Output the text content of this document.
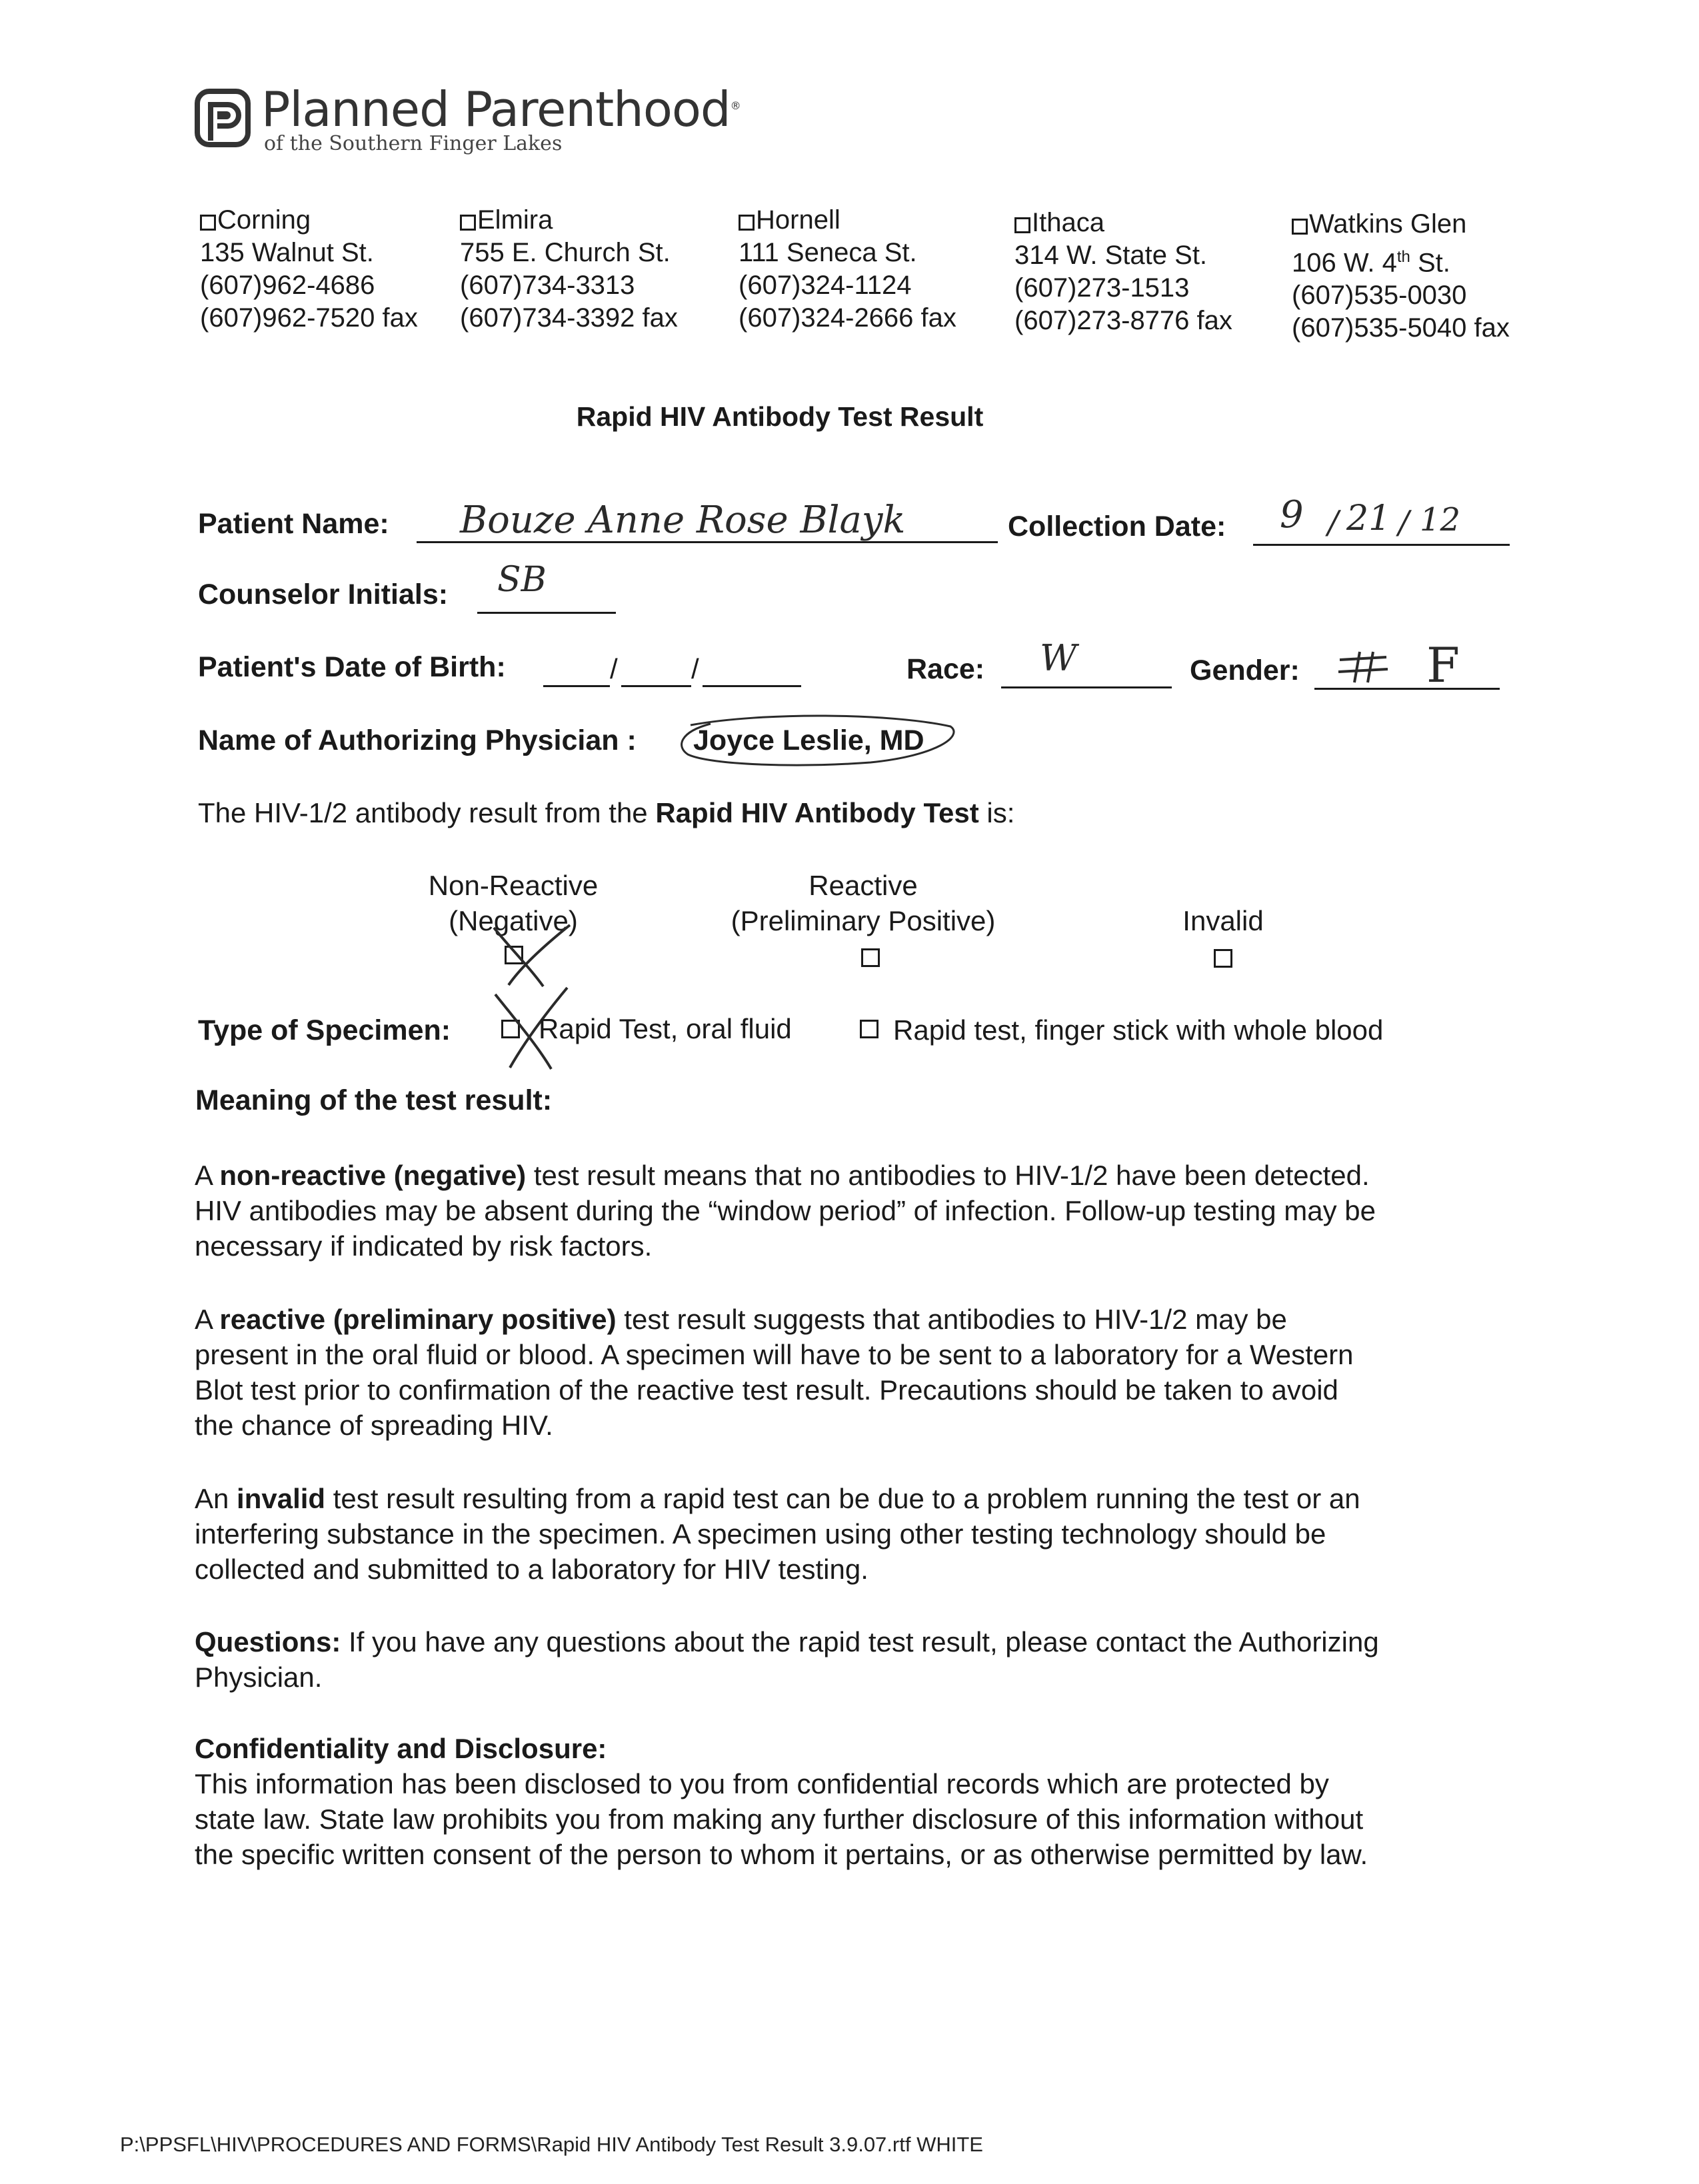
Planned Parenthood®
of the Southern Finger Lakes
Corning
135 Walnut St.
(607)962-4686
(607)962-7520 fax
Elmira
755 E. Church St.
(607)734-3313
(607)734-3392 fax
Hornell
111 Seneca St.
(607)324-1124
(607)324-2666 fax
Ithaca
314 W. State St.
(607)273-1513
(607)273-8776 fax
Watkins Glen
106 W. 4th St.
(607)535-0030
(607)535-5040 fax
Rapid HIV Antibody Test Result
Patient Name: Bouze Anne Rose Blayk	Collection Date: 9 / 21 / 12
Counselor Initials: SB
Patient's Date of Birth:	/	/	Race: W	Gender:	F
Name of Authorizing Physician : Joyce Leslie, MD
The HIV-1/2 antibody result from the Rapid HIV Antibody Test is:
Non-Reactive
(Negative)
Reactive
(Preliminary Positive)	Invalid
Type of Specimen:	Rapid Test, oral fluid	Rapid test, finger stick with whole blood
Meaning of the test result:
A non-reactive (negative) test result means that no antibodies to HIV-1/2 have been detected.
HIV antibodies may be absent during the “window period” of infection. Follow-up testing may be
necessary if indicated by risk factors.
A reactive (preliminary positive) test result suggests that antibodies to HIV-1/2 may be
present in the oral fluid or blood. A specimen will have to be sent to a laboratory for a Western
Blot test prior to confirmation of the reactive test result. Precautions should be taken to avoid
the chance of spreading HIV.
An invalid test result resulting from a rapid test can be due to a problem running the test or an
interfering substance in the specimen. A specimen using other testing technology should be
collected and submitted to a laboratory for HIV testing.
Questions: If you have any questions about the rapid test result, please contact the Authorizing
Physician.
Confidentiality and Disclosure:
This information has been disclosed to you from confidential records which are protected by
state law. State law prohibits you from making any further disclosure of this information without
the specific written consent of the person to whom it pertains, or as otherwise permitted by law.
P:\PPSFL\HIV\PROCEDURES AND FORMS\Rapid HIV Antibody Test Result 3.9.07.rtf WHITE
